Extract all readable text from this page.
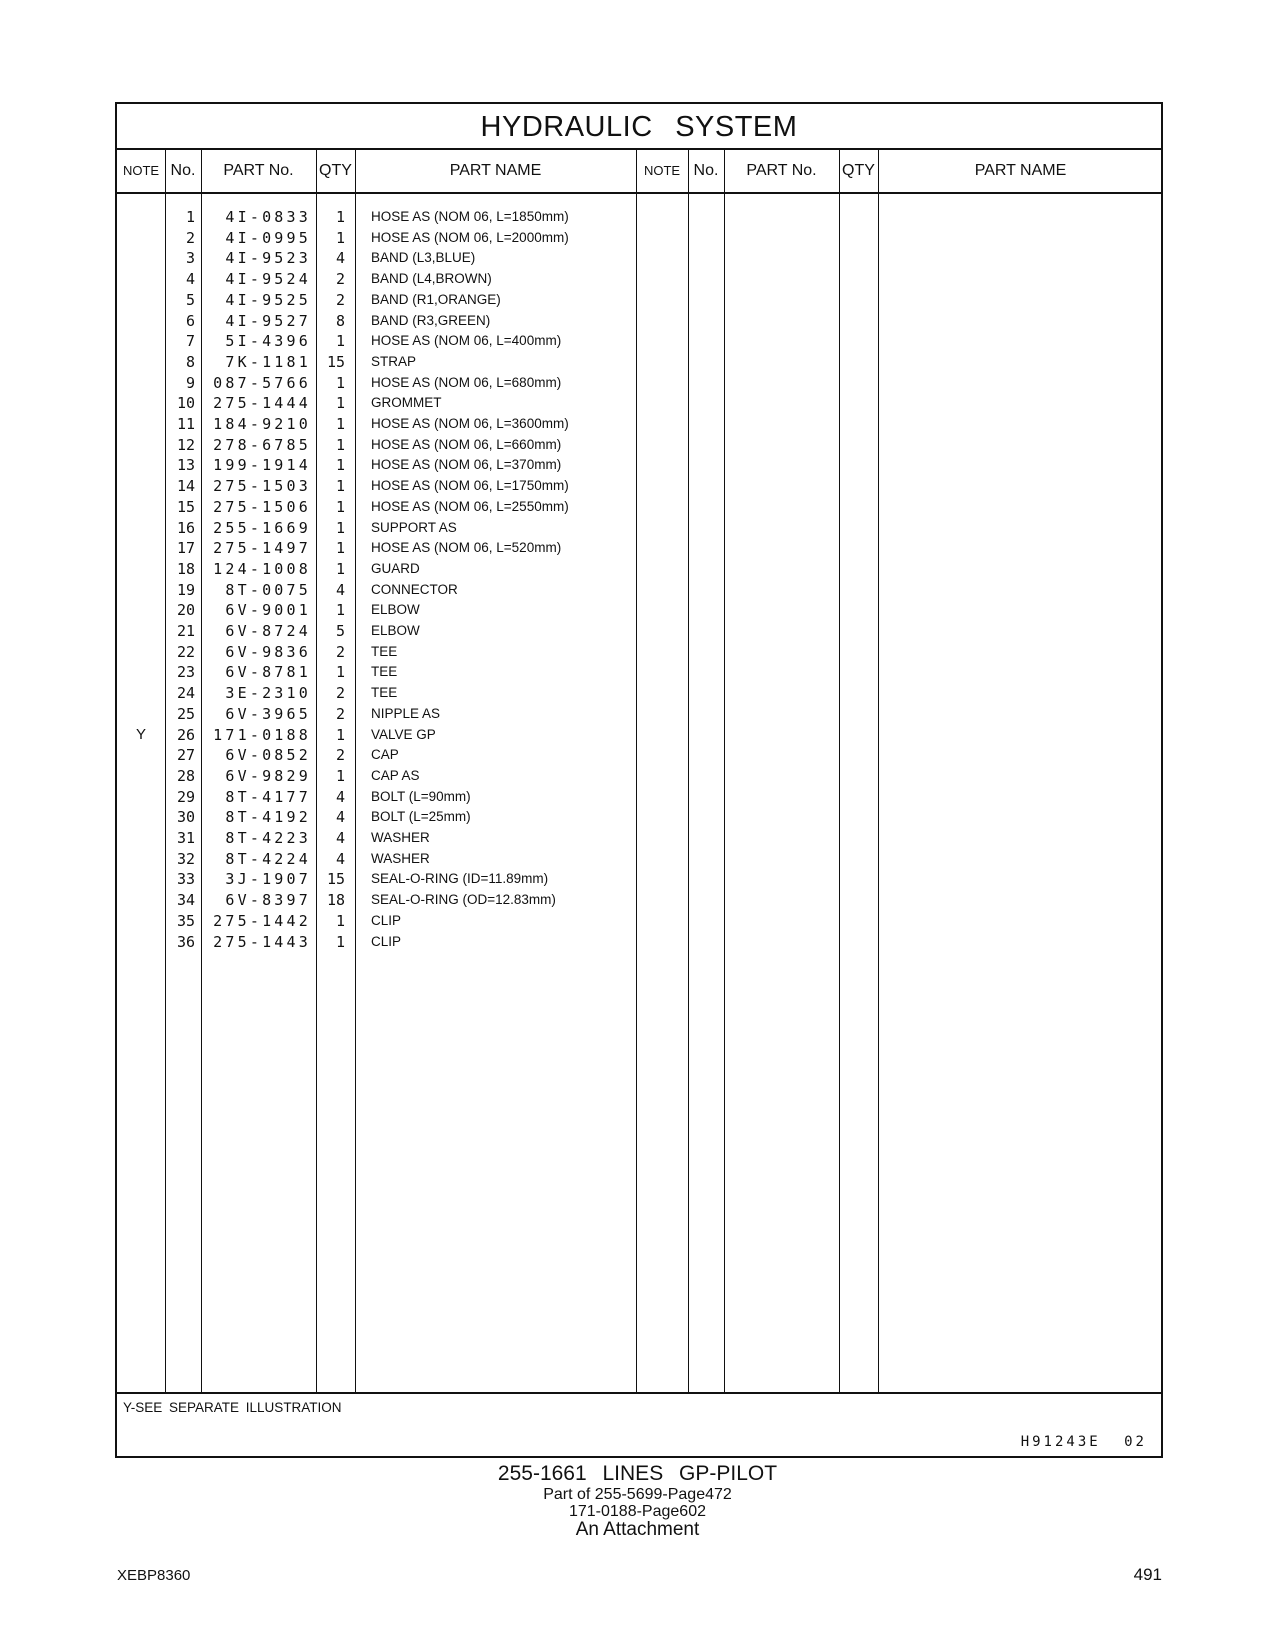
HYDRAULIC SYSTEM
NOTE No.	PART No.	QTY	PART NAME	NOTE No.	PART No.	QTY	PART NAME
1	4I-0833	1 HOSE AS (NOM 06, L=1850mm)
2	4I-0995	1 HOSE AS (NOM 06, L=2000mm)
3	4I-9523	4 BAND (L3,BLUE)
4	4I-9524	2 BAND (L4,BROWN)
5	4I-9525	2 BAND (R1,ORANGE)
6	4I-9527	8 BAND (R3,GREEN)
7	5I-4396	1 HOSE AS (NOM 06, L=400mm)
8	7K-1181	15 STRAP
9	087-5766	1 HOSE AS (NOM 06, L=680mm)
10	275-1444	1 GROMMET
11	184-9210	1 HOSE AS (NOM 06, L=3600mm)
12	278-6785	1 HOSE AS (NOM 06, L=660mm)
13	199-1914	1 HOSE AS (NOM 06, L=370mm)
14	275-1503	1 HOSE AS (NOM 06, L=1750mm)
15	275-1506	1 HOSE AS (NOM 06, L=2550mm)
16	255-1669	1 SUPPORT AS
17	275-1497	1 HOSE AS (NOM 06, L=520mm)
18	124-1008	1 GUARD
19	8T-0075	4 CONNECTOR
20	6V-9001	1 ELBOW
21	6V-8724	5 ELBOW
22	6V-9836	2 TEE
23	6V-8781	1 TEE
24	3E-2310	2 TEE
25	6V-3965	2 NIPPLE AS
Y	26	171-0188	1 VALVE GP
27	6V-0852	2 CAP
28	6V-9829	1 CAP AS
29	8T-4177	4 BOLT (L=90mm)
30	8T-4192	4 BOLT (L=25mm)
31	8T-4223	4 WASHER
32	8T-4224	4 WASHER
33	3J-1907	15 SEAL-O-RING (ID=11.89mm)
34	6V-8397	18 SEAL-O-RING (OD=12.83mm)
35	275-1442	1 CLIP
36	275-1443	1 CLIP
Y-SEE SEPARATE ILLUSTRATION
H91243E 02
255-1661 LINES GP-PILOT
Part of 255-5699-Page472
171-0188-Page602
An Attachment
XEBP8360	491
